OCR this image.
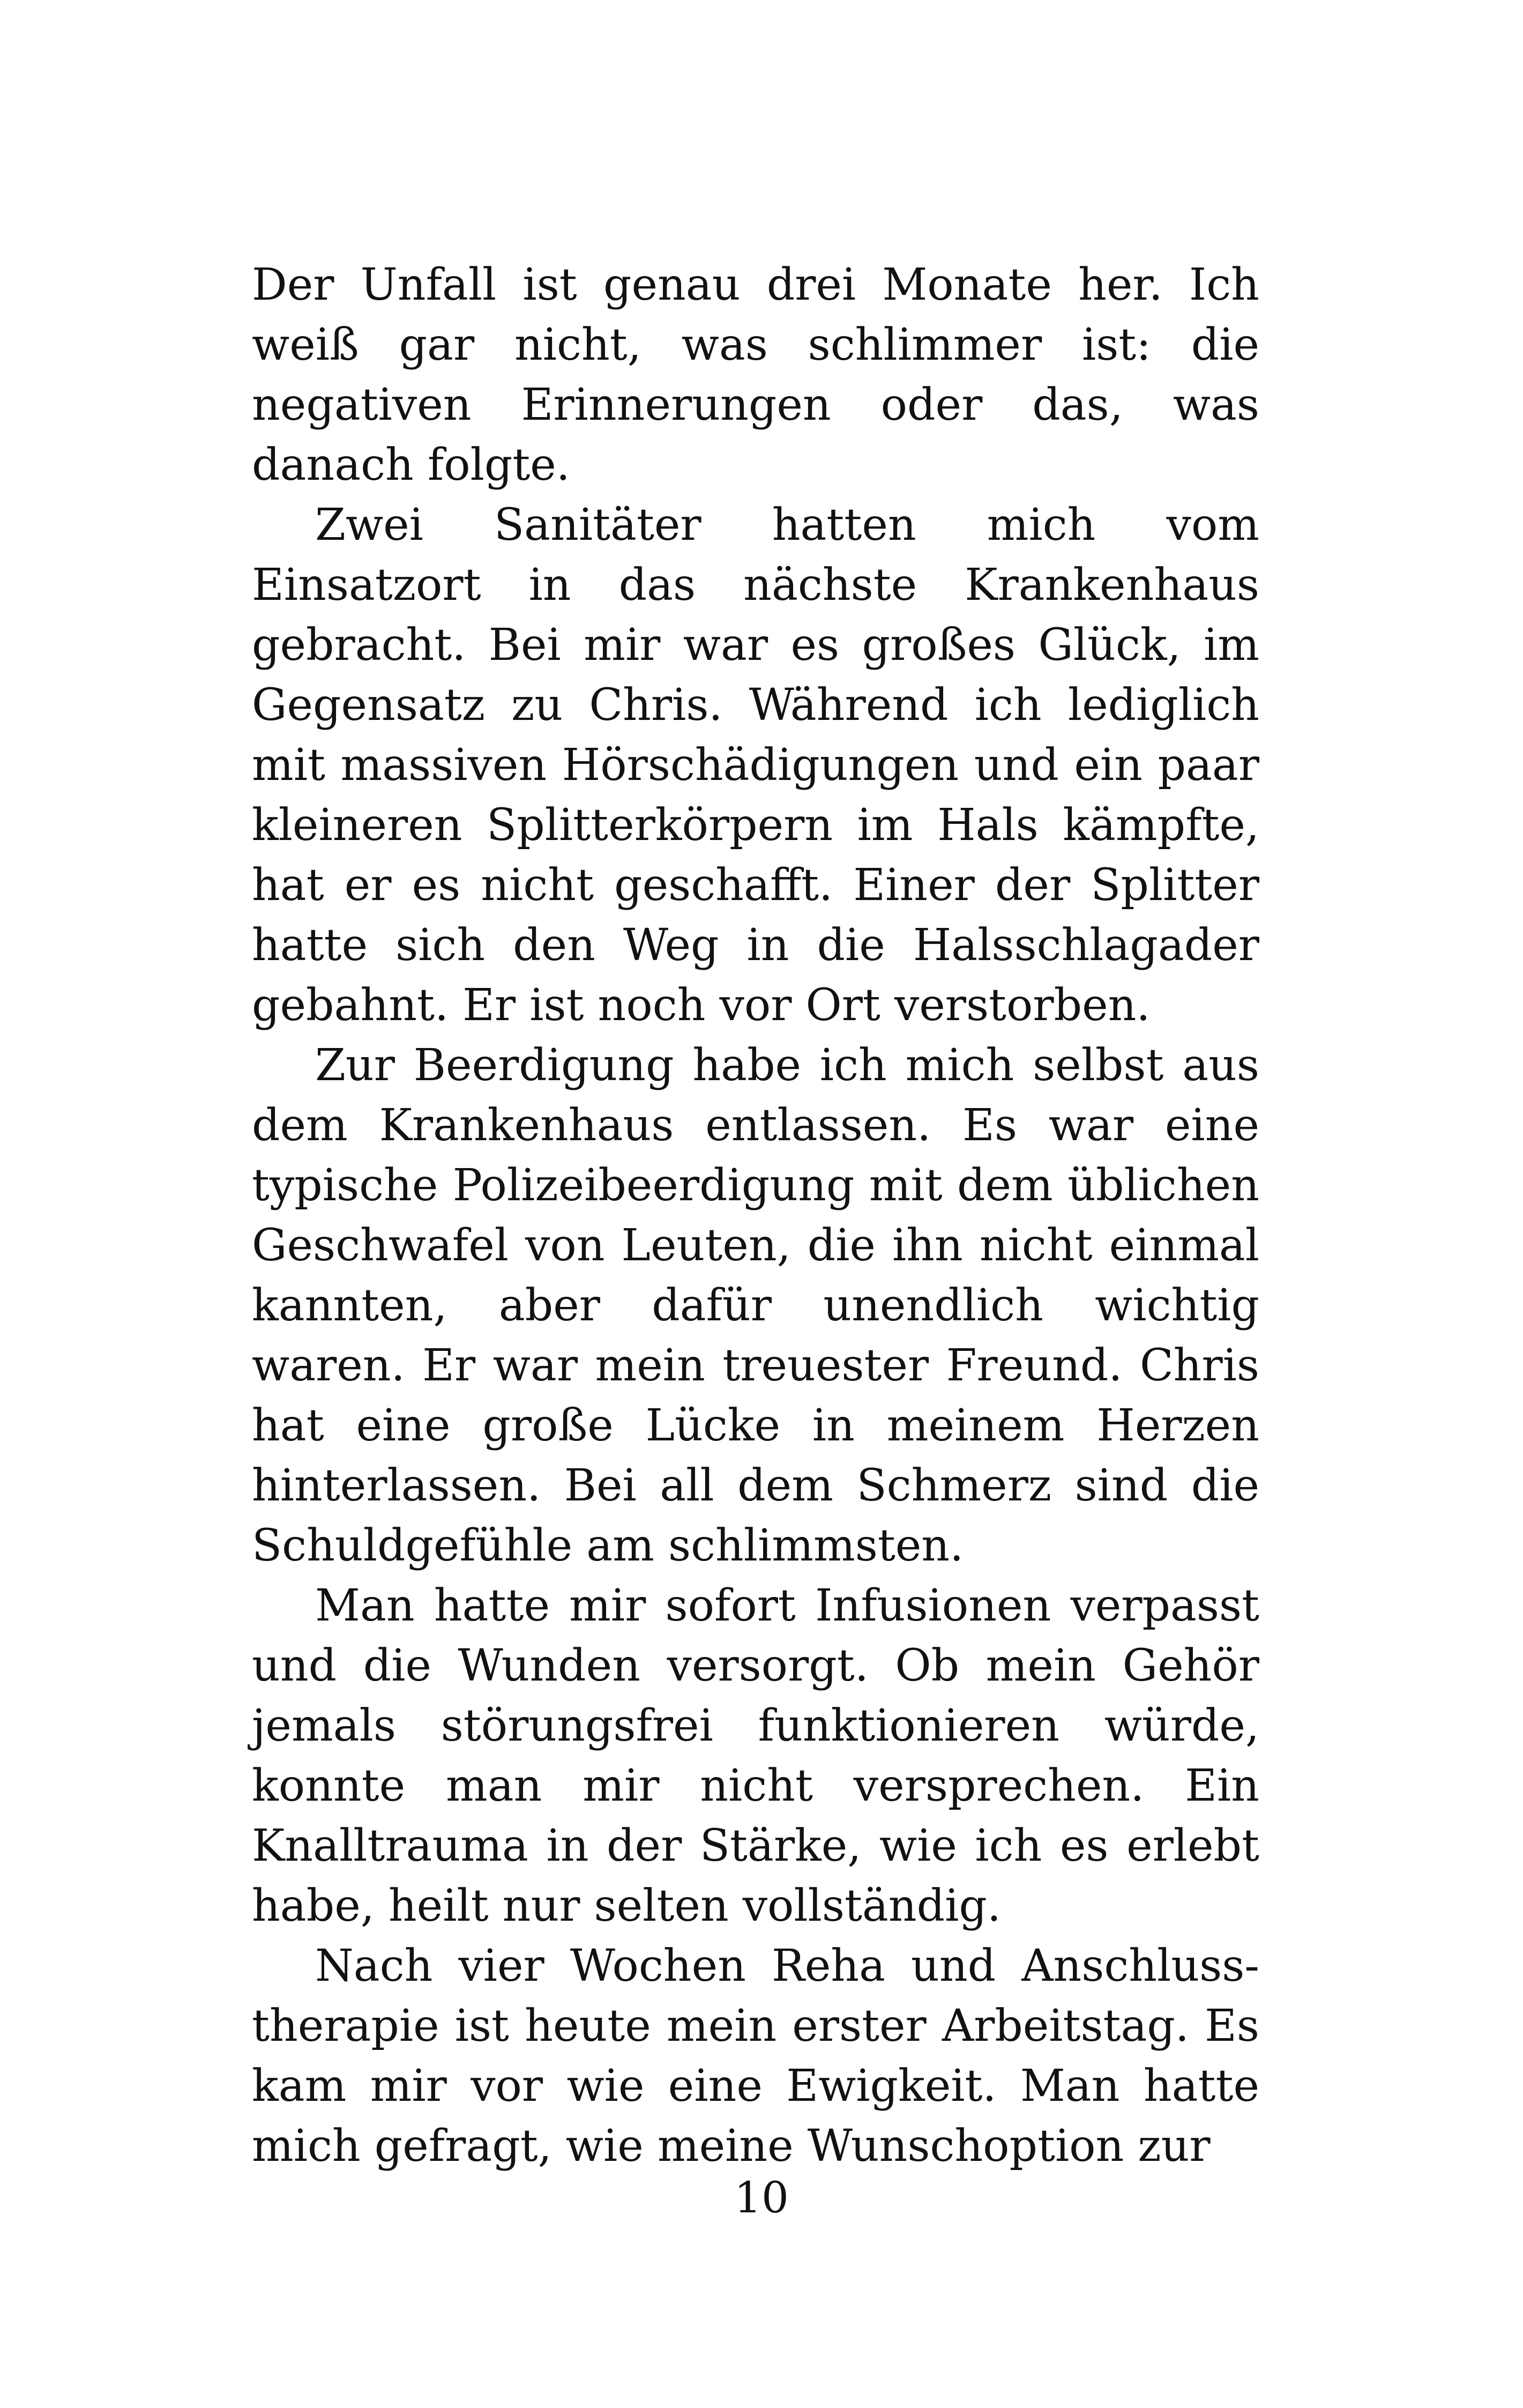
Der Unfall ist genau drei Monate her. Ich weiß gar nicht, was schlimmer ist: die negativen Erinnerungen oder das, was danach folgte.

Zwei Sanitäter hatten mich vom Einsatzort in das nächste Krankenhaus gebracht. Bei mir war es großes Glück, im Gegensatz zu Chris. Während ich lediglich mit massiven Hörschädigungen und ein paar kleineren Splitterkörpern im Hals kämpfte, hat er es nicht geschafft. Einer der Splitter hatte sich den Weg in die Halsschlagader gebahnt. Er ist noch vor Ort verstorben.

Zur Beerdigung habe ich mich selbst aus dem Krankenhaus entlassen. Es war eine typische Polizeibeerdigung mit dem üblichen Geschwafel von Leuten, die ihn nicht einmal kannten, aber dafür unendlich wichtig waren. Er war mein treuester Freund. Chris hat eine große Lücke in meinem Herzen hinterlassen. Bei all dem Schmerz sind die Schuldgefühle am schlimmsten.

Man hatte mir sofort Infusionen verpasst und die Wunden versorgt. Ob mein Gehör jemals störungsfrei funktionieren würde, konnte man mir nicht versprechen. Ein Knalltrauma in der Stärke, wie ich es erlebt habe, heilt nur selten vollständig.

Nach vier Wochen Reha und Anschlusstherapie ist heute mein erster Arbeitstag. Es kam mir vor wie eine Ewigkeit. Man hatte mich gefragt, wie meine Wunschoption zur

10
